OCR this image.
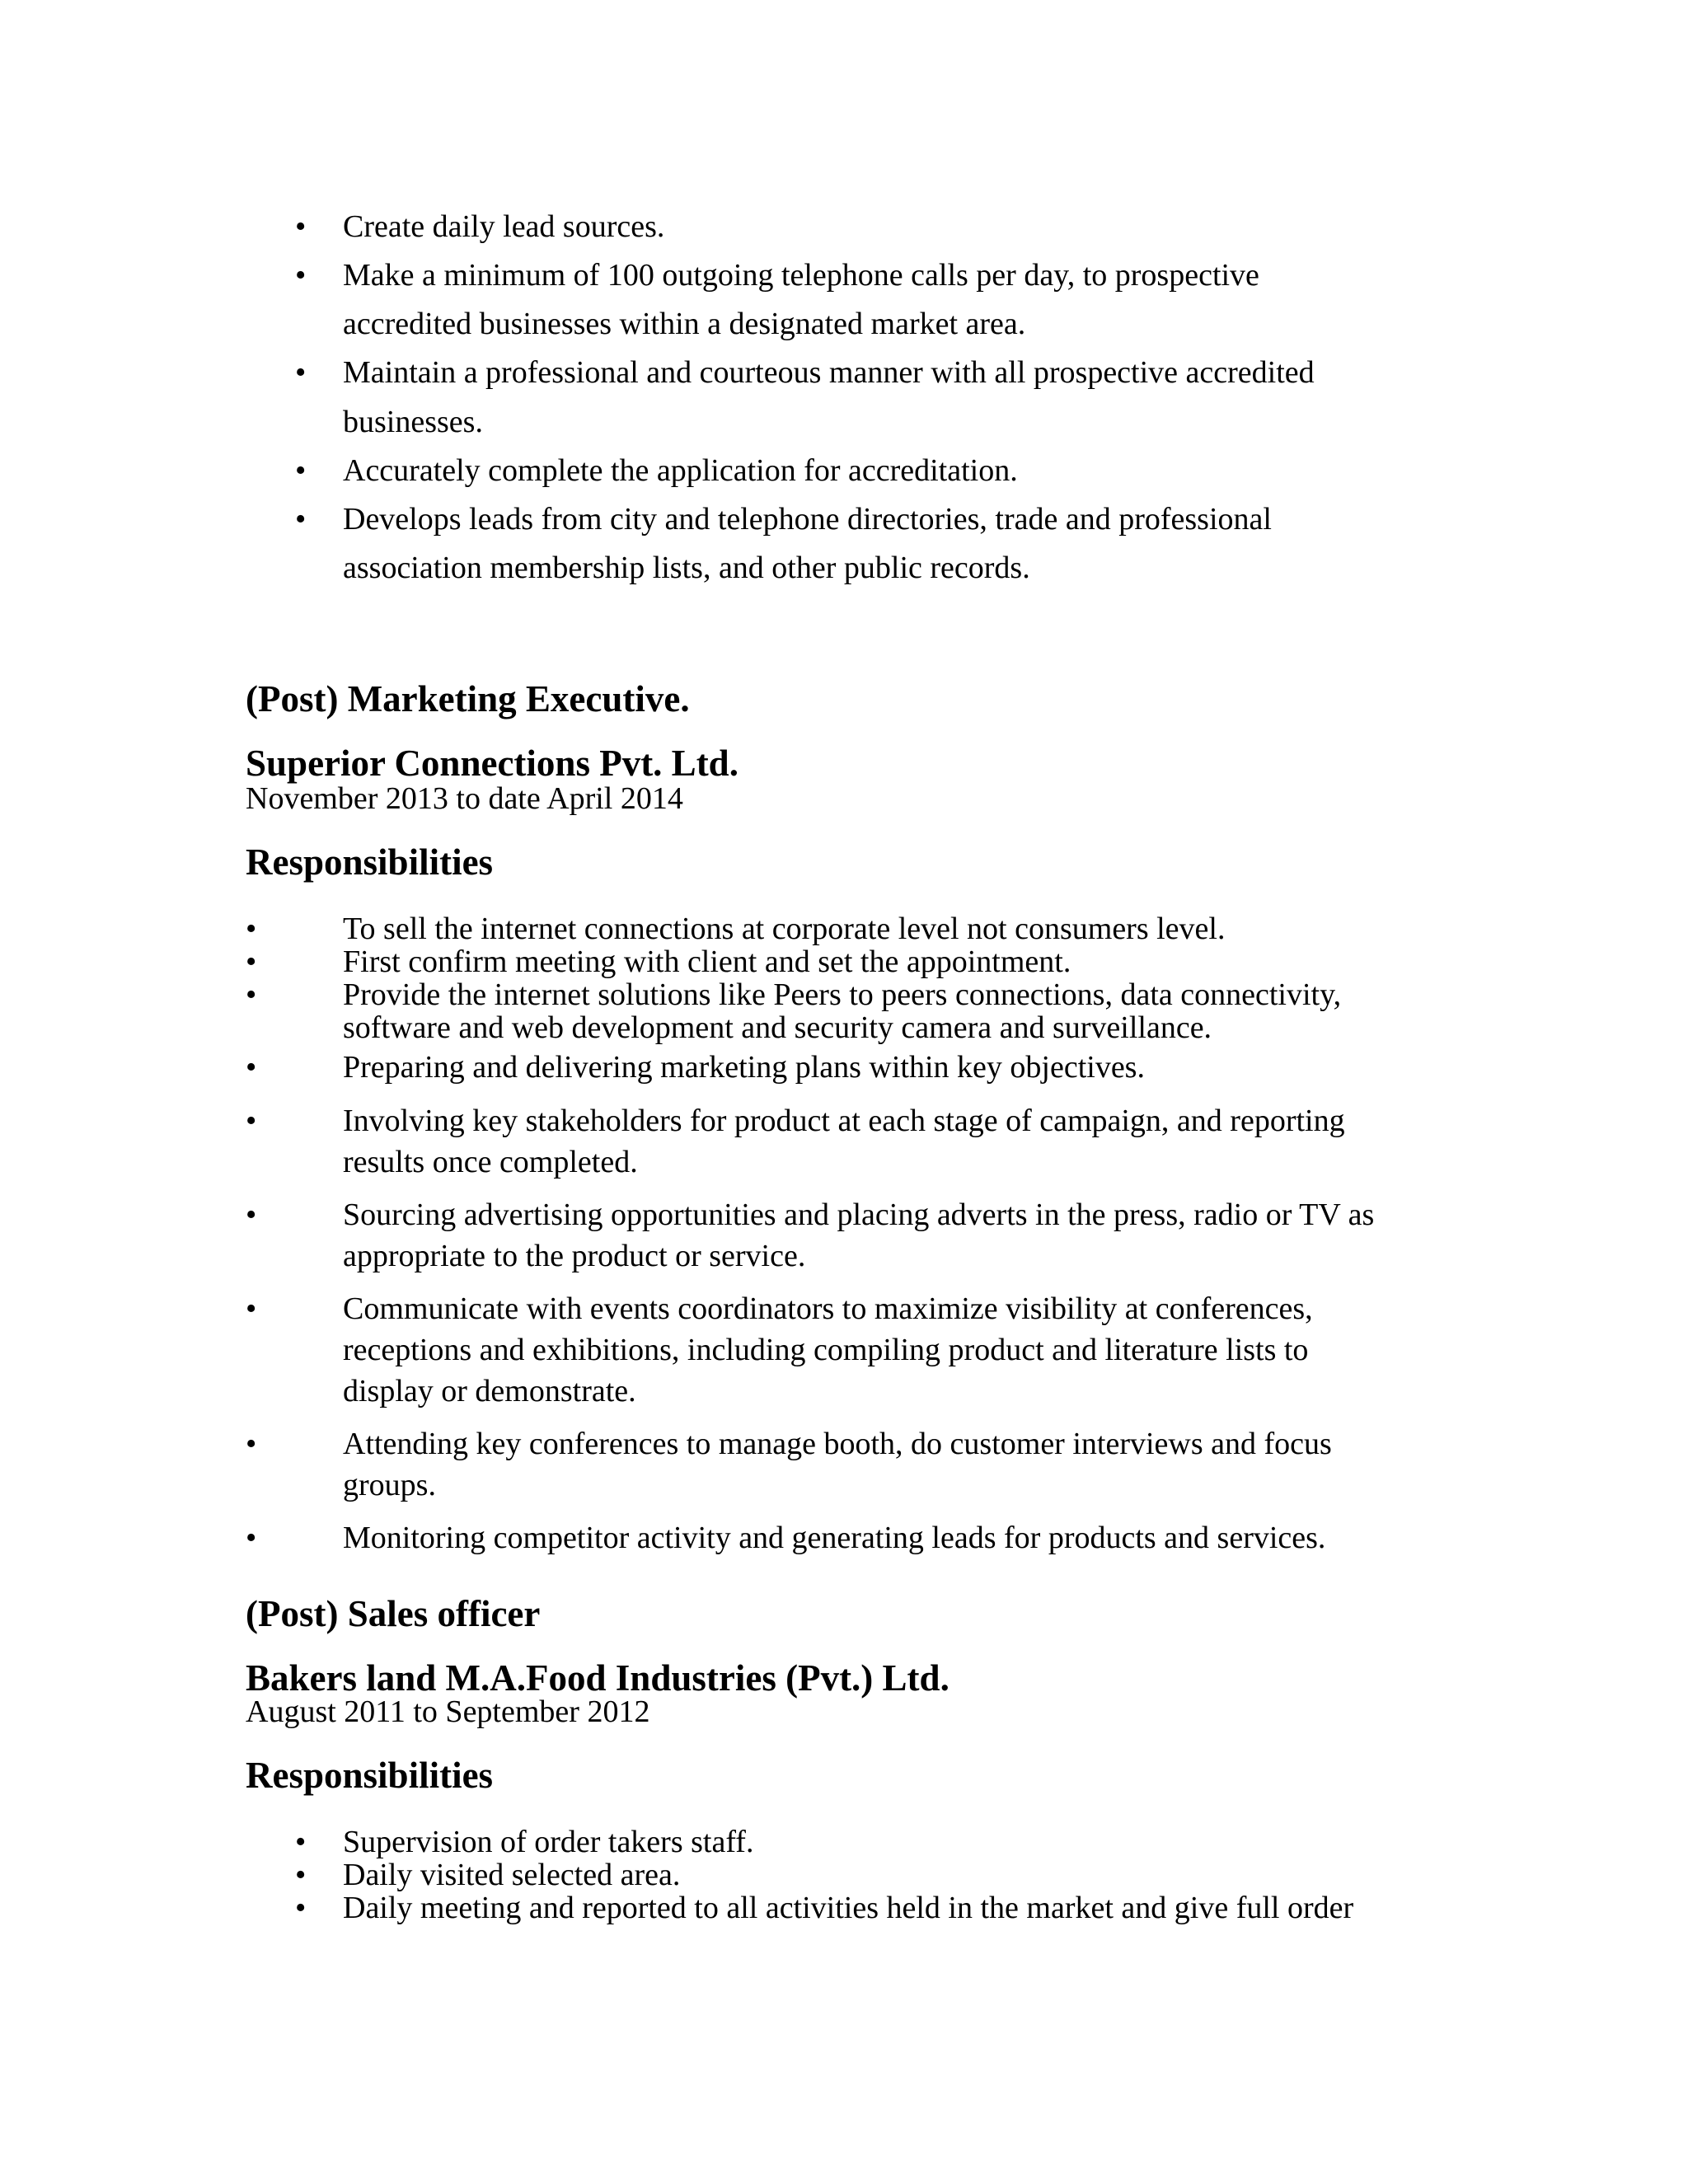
• Create daily lead sources.
• Make a minimum of 100 outgoing telephone calls per day, to prospective
accredited businesses within a designated market area.
• Maintain a professional and courteous manner with all prospective accredited
businesses.
• Accurately complete the application for accreditation.
• Develops leads from city and telephone directories, trade and professional
association membership lists, and other public records.
(Post) Marketing Executive.
Superior Connections Pvt. Ltd.
November 2013 to date April 2014
Responsibilities
•	To sell the internet connections at corporate level not consumers level.
•	First confirm meeting with client and set the appointment.
•	Provide the internet solutions like Peers to peers connections, data connectivity,
software and web development and security camera and surveillance.
•	Preparing and delivering marketing plans within key objectives.
•	Involving key stakeholders for product at each stage of campaign, and reporting
results once completed.
•	Sourcing advertising opportunities and placing adverts in the press, radio or TV as
appropriate to the product or service.
•	Communicate with events coordinators to maximize visibility at conferences,
receptions and exhibitions, including compiling product and literature lists to
display or demonstrate.
•	Attending key conferences to manage booth, do customer interviews and focus
groups.
•	Monitoring competitor activity and generating leads for products and services.
(Post) Sales officer
Bakers land M.A.Food Industries (Pvt.) Ltd.
August 2011 to September 2012
Responsibilities
• Supervision of order takers staff.
• Daily visited selected area.
• Daily meeting and reported to all activities held in the market and give full order
